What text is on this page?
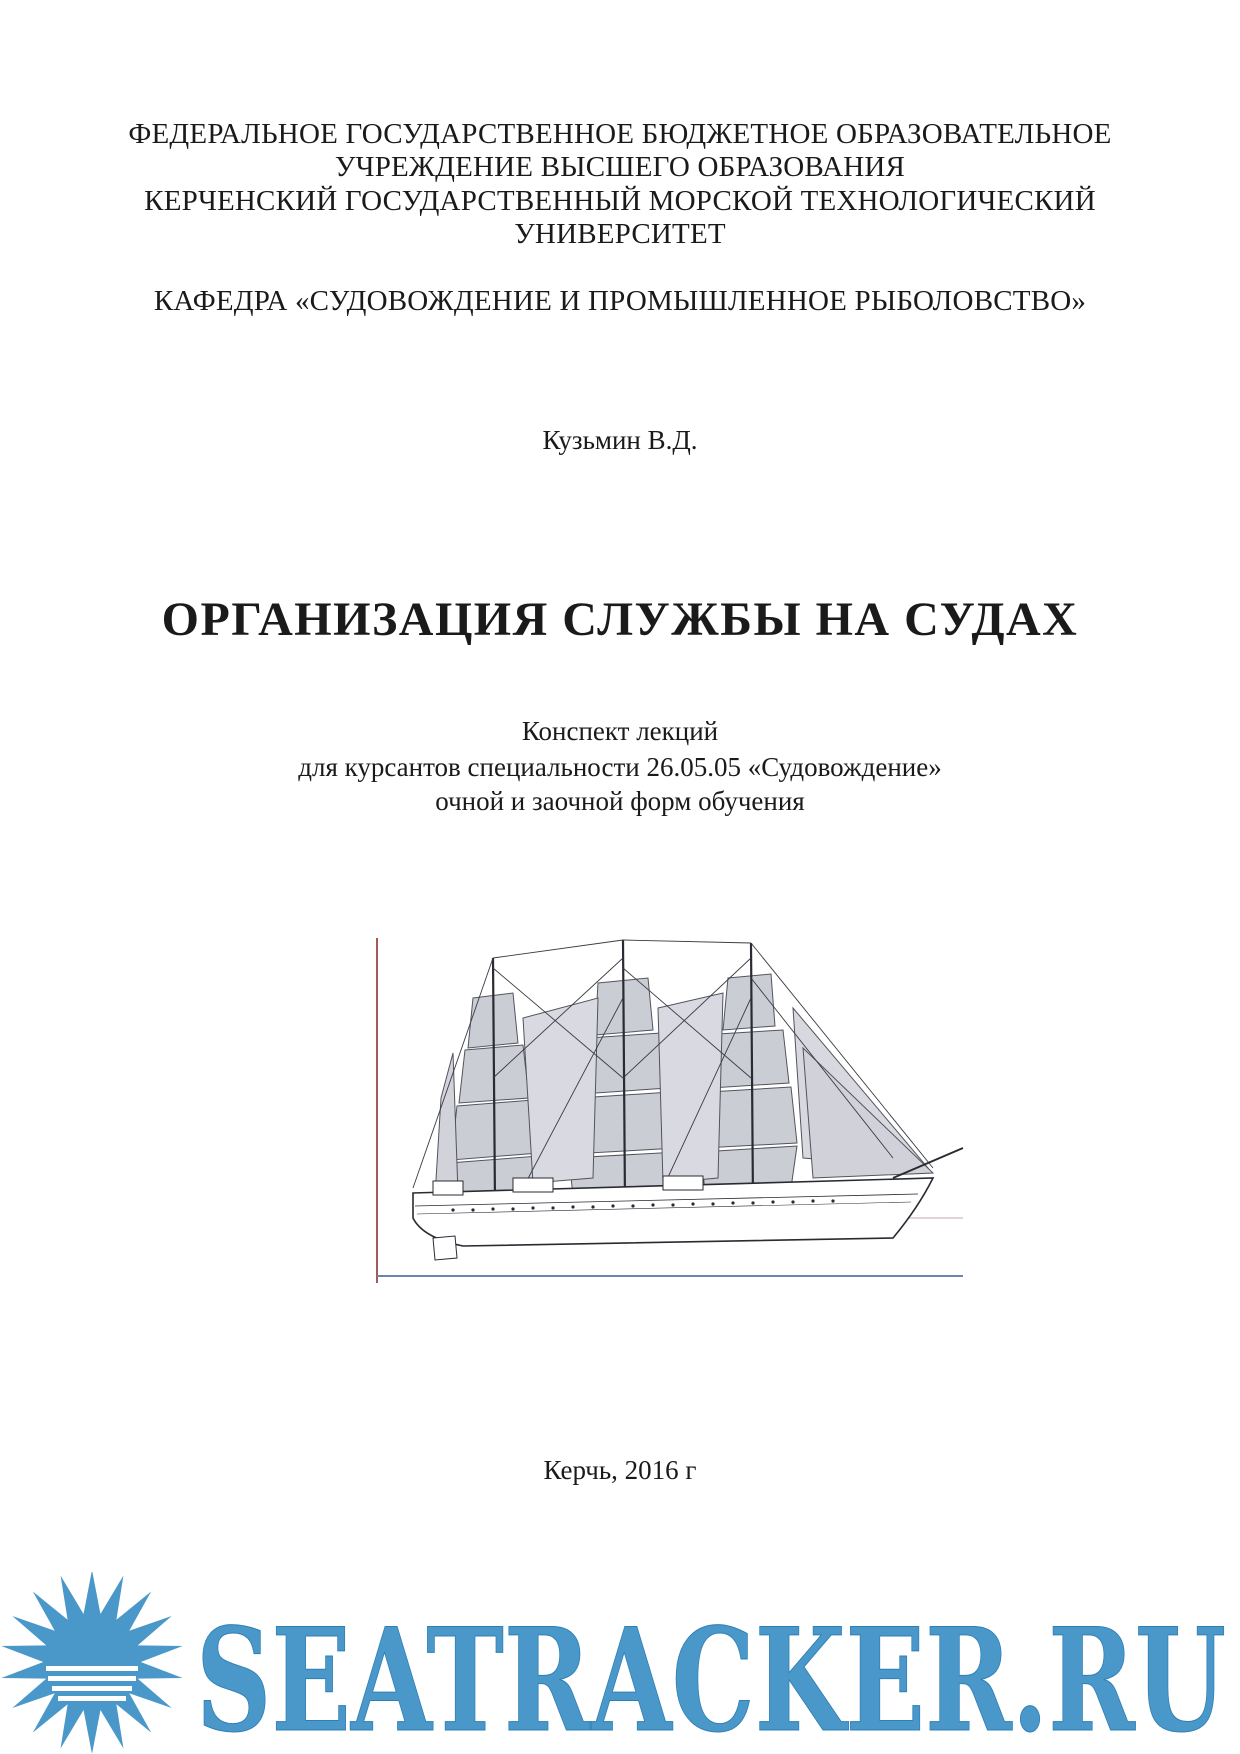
ФЕДЕРАЛЬНОЕ ГОСУДАРСТВЕННОЕ БЮДЖЕТНОЕ ОБРАЗОВАТЕЛЬНОЕ
УЧРЕЖДЕНИЕ ВЫСШЕГО ОБРАЗОВАНИЯ
КЕРЧЕНСКИЙ ГОСУДАРСТВЕННЫЙ МОРСКОЙ ТЕХНОЛОГИЧЕСКИЙ
УНИВЕРСИТЕТ
КАФЕДРА «СУДОВОЖДЕНИЕ И ПРОМЫШЛЕННОЕ РЫБОЛОВСТВО»
Кузьмин В.Д.
ОРГАНИЗАЦИЯ СЛУЖБЫ НА СУДАХ
Конспект лекций
для курсантов специальности 26.05.05 «Судовождение»
очной и заочной форм обучения
Керчь, 2016 г
SEATRACKER.RU
